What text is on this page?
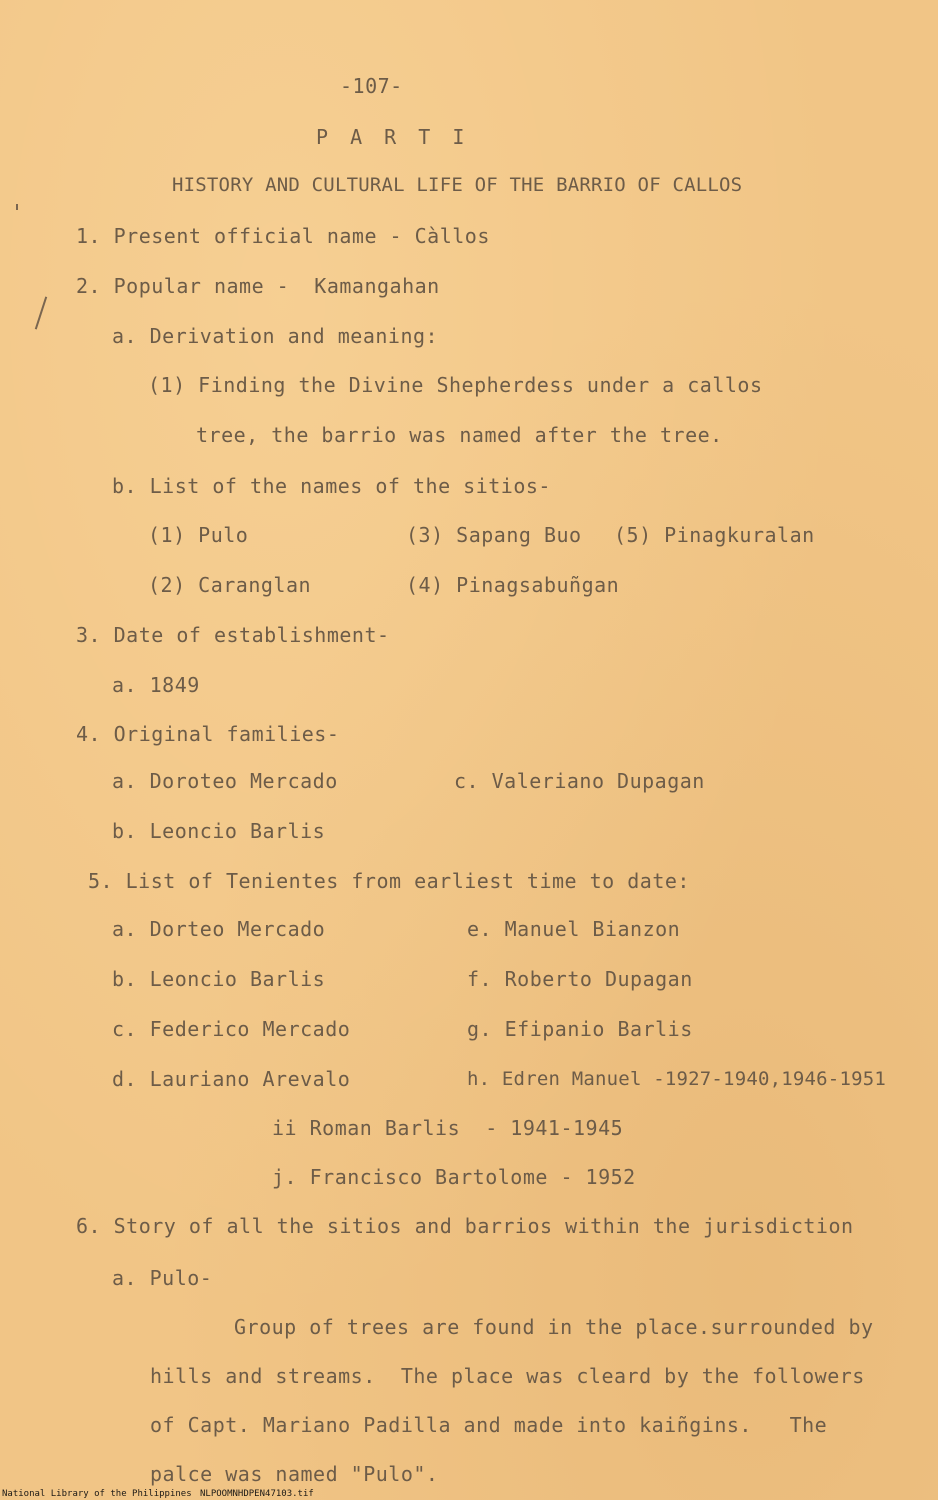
-107-
P A R T I
HISTORY AND CULTURAL LIFE OF THE BARRIO OF CALLOS
1. Present official name - Càllos
2. Popular name -  Kamangahan
a. Derivation and meaning:
(1) Finding the Divine Shepherdess under a callos
tree, the barrio was named after the tree.
b. List of the names of the sitios-
(1) Pulo	(3) Sapang Buo (5) Pinagkuralan
(2) Caranglan	(4) Pinagsabuñgan
3. Date of establishment-
a. 1849
4. Original families-
a. Doroteo Mercado	c. Valeriano Dupagan
b. Leoncio Barlis
5. List of Tenientes from earliest time to date:
a. Dorteo Mercado	e. Manuel Bianzon
b. Leoncio Barlis	f. Roberto Dupagan
c. Federico Mercado	g. Efipanio Barlis
d. Lauriano Arevalo	h. Edren Manuel -1927-1940,1946-1951
ii Roman Barlis  - 1941-1945
j. Francisco Bartolome - 1952
6. Story of all the sitios and barrios within the jurisdiction
a. Pulo-
Group of trees are found in the place.surrounded by
hills and streams.  The place was cleard by the followers
of Capt. Mariano Padilla and made into kaiñgins.   The
palce was named "Pulo".
National Library of the Philippines NLPOOMNHDPEN47103.tif
